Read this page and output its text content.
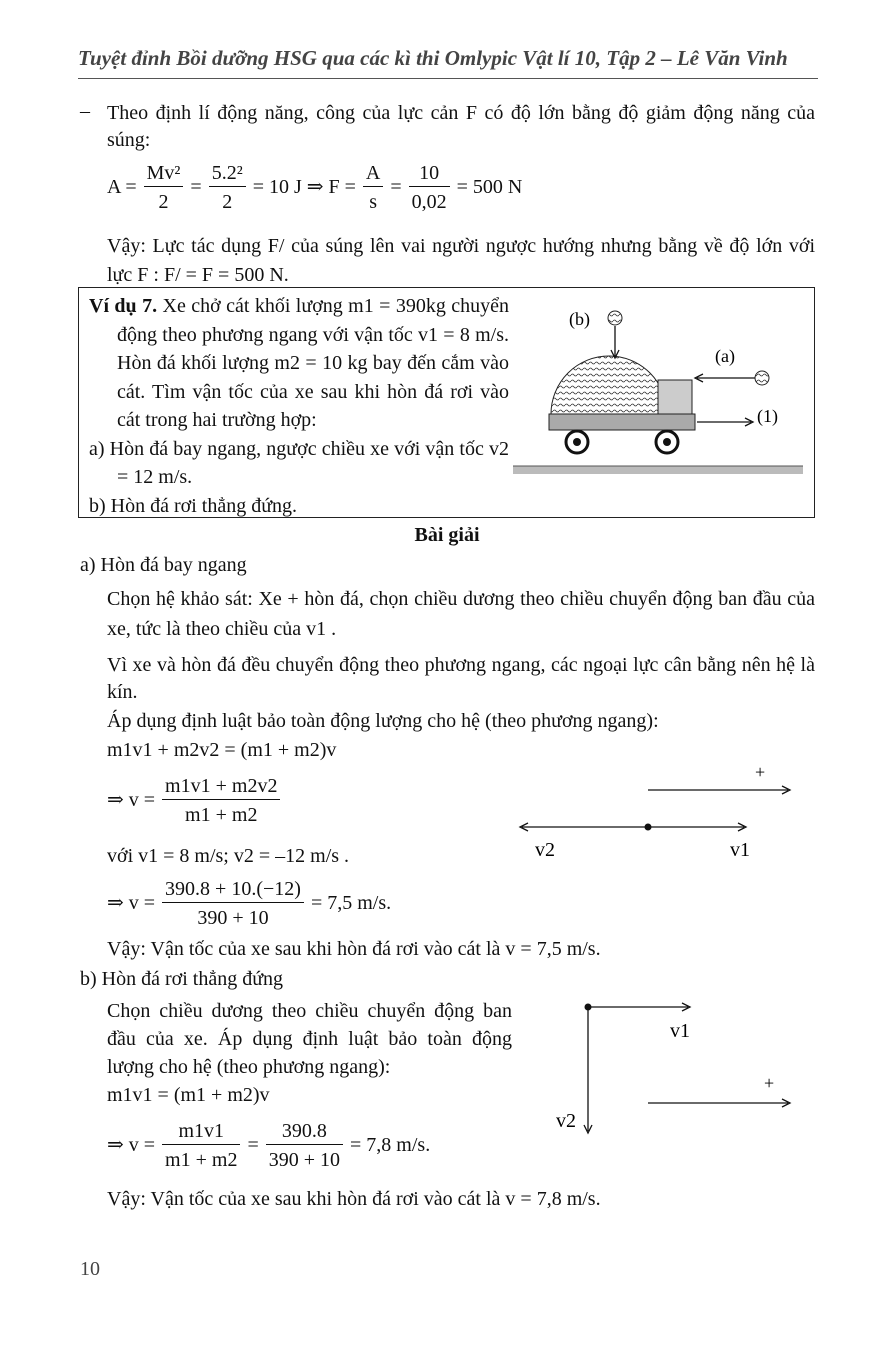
Tuyệt đỉnh Bồi dưỡng HSG qua các kì thi Omlypic Vật lí 10, Tập 2 – Lê Văn Vinh
– Theo định lí động năng, công của lực cản F có độ lớn bằng độ giảm động năng của súng:
$A = \frac{\text{Mv²}}{2} = \frac{\text{5.2²}}{2} = 10$ J ⇒ $F = \frac{A}{s} = \frac{10}{0,02} = 500$ N
Vậy: Lực tác dụng F/ của súng lên vai người ngược hướng nhưng bằng về độ lớn với lực F : F/ = F = 500 N.
Ví dụ 7. Xe chở cát khối lượng m1 = 390kg chuyển động theo phương ngang với vận tốc v1 = 8 m/s. Hòn đá khối lượng m2 = 10 kg bay đến cắm vào cát. Tìm vận tốc của xe sau khi hòn đá rơi vào cát trong hai trường hợp:
a) Hòn đá bay ngang, ngược chiều xe với vận tốc v2 = 12 m/s.
b) Hòn đá rơi thẳng đứng.
(b)
(a)
(1)
Bài giải
a) Hòn đá bay ngang
Chọn hệ khảo sát: Xe + hòn đá, chọn chiều dương theo chiều chuyển động ban đầu của xe, tức là theo chiều của v1 .
Vì xe và hòn đá đều chuyển động theo phương ngang, các ngoại lực cân bằng nên hệ là kín.
Áp dụng định luật bảo toàn động lượng cho hệ (theo phương ngang):
m1v1 + m2v2 = (m1 + m2)v
⇒ $v = \frac{m1v1 + m2v2}{m1 + m2}$
với v1 = 8 m/s; v2 = –12 m/s .
⇒ $v = \frac{390.8 + 10.(-12)}{390 + 10} = 7,5$ m/s.
Vậy: Vận tốc của xe sau khi hòn đá rơi vào cát là v = 7,5 m/s.
+
v2	v1
b) Hòn đá rơi thẳng đứng
Chọn chiều dương theo chiều chuyển động ban đầu của xe. Áp dụng định luật bảo toàn động lượng cho hệ (theo phương ngang):
m1v1 = (m1 + m2)v
⇒ $v = \frac{m1v1}{m1 + m2} = \frac{390.8}{390 + 10} = 7,8$ m/s.
Vậy: Vận tốc của xe sau khi hòn đá rơi vào cát là v = 7,8 m/s.
v1
+
v2
10
